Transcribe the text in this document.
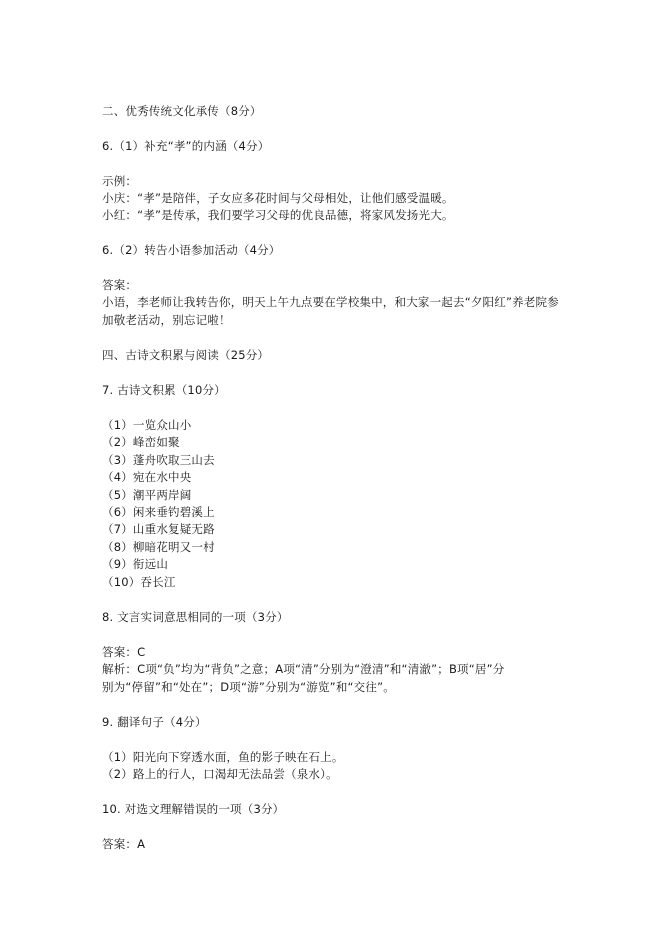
二、优秀传统文化承传（8分）
6.（1）补充“孝”的内涵（4分）
示例：
小庆：“孝”是陪伴，子女应多花时间与父母相处，让他们感受温暖。
小红：“孝”是传承，我们要学习父母的优良品德，将家风发扬光大。
6.（2）转告小语参加活动（4分）
答案：
小语，李老师让我转告你，明天上午九点要在学校集中，和大家一起去“夕阳红”养老院参
加敬老活动，别忘记啦！
四、古诗文积累与阅读（25分）
7. 古诗文积累（10分）
（1）一览众山小
（2）峰峦如聚
（3）蓬舟吹取三山去
（4）宛在水中央
（5）潮平两岸阔
（6）闲来垂钓碧溪上
（7）山重水复疑无路
（8）柳暗花明又一村
（9）衔远山
（10）吞长江
8. 文言实词意思相同的一项（3分）
答案：C
解析：C项“负”均为“背负”之意；A项“清”分别为“澄清”和“清澈”；B项“居”分
别为“停留”和“处在”；D项“游”分别为“游览”和“交往”。
9. 翻译句子（4分）
（1）阳光向下穿透水面，鱼的影子映在石上。
（2）路上的行人，口渴却无法品尝（泉水）。
10. 对选文理解错误的一项（3分）
答案：A
